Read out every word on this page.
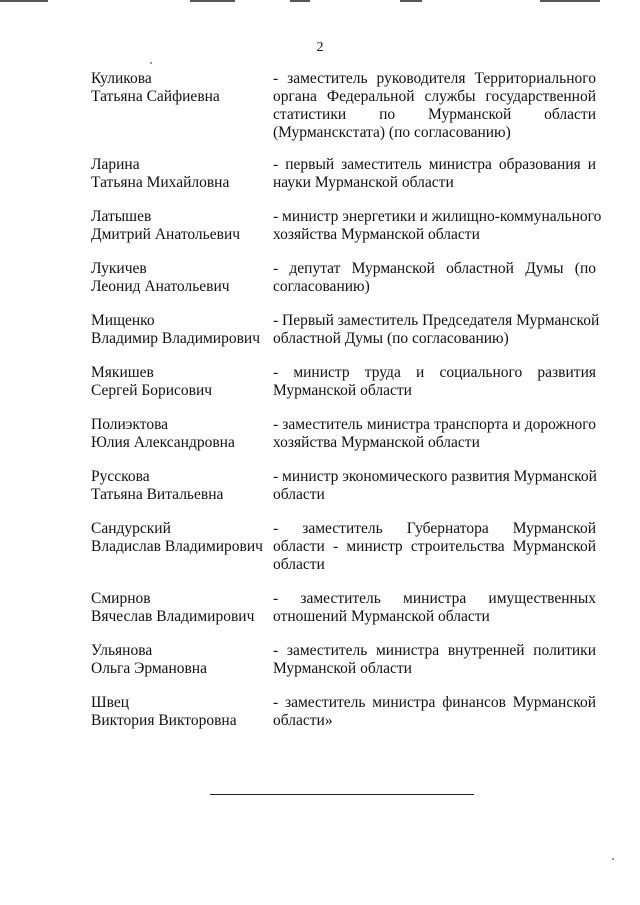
2
Куликова
Татьяна Сайфиевна
- заместитель руководителя Территориального
органа Федеральной службы государственной
статистики по Мурманской области
(Мурманскстата) (по согласованию)
Ларина
Татьяна Михайловна
- первый заместитель министра образования и
науки Мурманской области
Латышев
Дмитрий Анатольевич
- министр энергетики и жилищно-коммунального
хозяйства Мурманской области
Лукичев
Леонид Анатольевич
- депутат Мурманской областной Думы (по
согласованию)
Мищенко
Владимир Владимирович
- Первый заместитель Председателя Мурманской
областной Думы (по согласованию)
Мякишев
Сергей Борисович
- министр труда и социального развития
Мурманской области
Полиэктова
Юлия Александровна
- заместитель министра транспорта и дорожного
хозяйства Мурманской области
Русскова
Татьяна Витальевна
- министр экономического развития Мурманской
области
Сандурский
Владислав Владимирович
- заместитель Губернатора Мурманской
области - министр строительства Мурманской
области
Смирнов
Вячеслав Владимирович
- заместитель министра имущественных
отношений Мурманской области
Ульянова
Ольга Эрмановна
- заместитель министра внутренней политики
Мурманской области
Швец
Виктория Викторовна
- заместитель министра финансов Мурманской
области»
